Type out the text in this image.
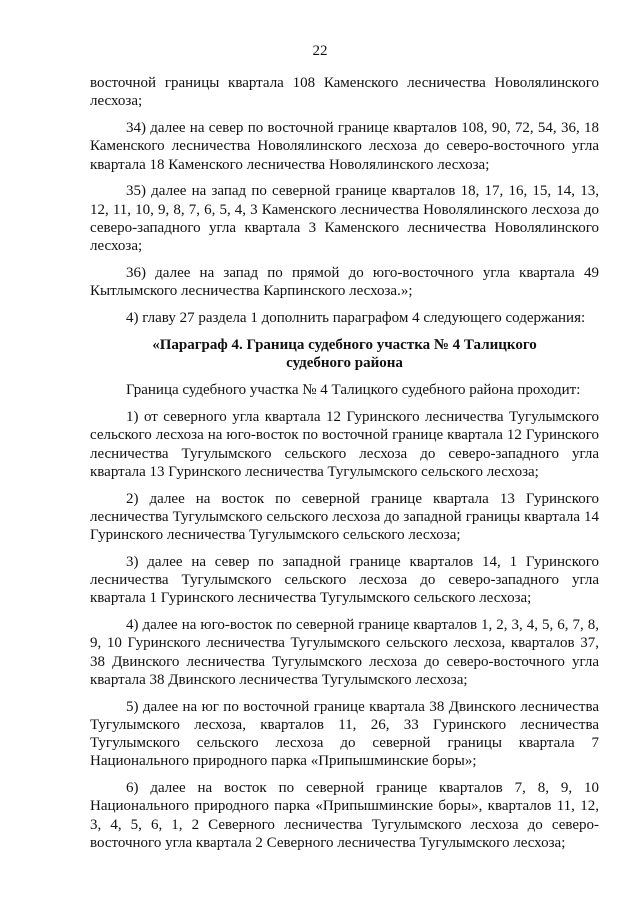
22

восточной границы квартала 108 Каменского лесничества Новолялинского лесхоза;

34) далее на север по восточной границе кварталов 108, 90, 72, 54, 36, 18 Каменского лесничества Новолялинского лесхоза до северо-восточного угла квартала 18 Каменского лесничества Новолялинского лесхоза;

35) далее на запад по северной границе кварталов 18, 17, 16, 15, 14, 13, 12, 11, 10, 9, 8, 7, 6, 5, 4, 3 Каменского лесничества Новолялинского лесхоза до северо-западного угла квартала 3 Каменского лесничества Новолялинского лесхоза;

36) далее на запад по прямой до юго-восточного угла квартала 49 Кытлымского лесничества Карпинского лесхоза.»;

4) главу 27 раздела 1 дополнить параграфом 4 следующего содержания:

«Параграф 4. Граница судебного участка № 4 Талицкого
судебного района

Граница судебного участка № 4 Талицкого судебного района проходит:

1) от северного угла квартала 12 Гуринского лесничества Тугулымского сельского лесхоза на юго-восток по восточной границе квартала 12 Гуринского лесничества Тугулымского сельского лесхоза до северо-западного угла квартала 13 Гуринского лесничества Тугулымского сельского лесхоза;

2) далее на восток по северной границе квартала 13 Гуринского лесничества Тугулымского сельского лесхоза до западной границы квартала 14 Гуринского лесничества Тугулымского сельского лесхоза;

3) далее на север по западной границе кварталов 14, 1 Гуринского лесничества Тугулымского сельского лесхоза до северо-западного угла квартала 1 Гуринского лесничества Тугулымского сельского лесхоза;

4) далее на юго-восток по северной границе кварталов 1, 2, 3, 4, 5, 6, 7, 8, 9, 10 Гуринского лесничества Тугулымского сельского лесхоза, кварталов 37, 38 Двинского лесничества Тугулымского лесхоза до северо-восточного угла квартала 38 Двинского лесничества Тугулымского лесхоза;

5) далее на юг по восточной границе квартала 38 Двинского лесничества Тугулымского лесхоза, кварталов 11, 26, 33 Гуринского лесничества Тугулымского сельского лесхоза до северной границы квартала 7 Национального природного парка «Припышминские боры»;

6) далее на восток по северной границе кварталов 7, 8, 9, 10 Национального природного парка «Припышминские боры», кварталов 11, 12, 3, 4, 5, 6, 1, 2 Северного лесничества Тугулымского лесхоза до северо-восточного угла квартала 2 Северного лесничества Тугулымского лесхоза;
